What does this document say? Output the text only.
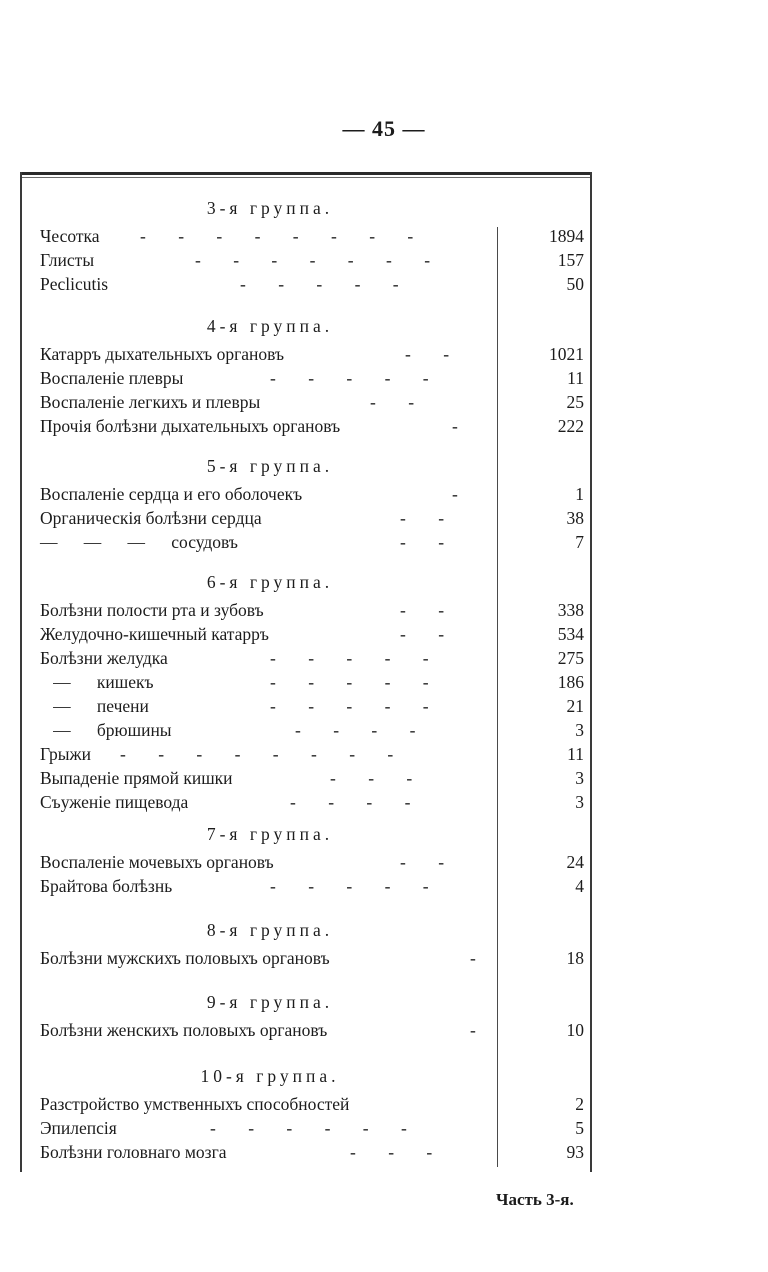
— 45 —
3-я группа.
Чесотка - - - - - - - -	1894
Глисты	- - - - - - -	157
Peclicutis	- - - - -	50
4-я группа.
Катарръ дыхательныхъ органовъ	- -	1021
Воспаленіе плевры	- - - - -	11
Воспаленіе легкихъ и плевры	- -	25
Прочія болѣзни дыхательныхъ органовъ	-	222
5-я группа.
Воспаленіе сердца и его оболочекъ	-	1
Органическія болѣзни сердца	- -	38
—      —      —      сосудовъ	- -	7
6-я группа.
Болѣзни полости рта и зубовъ	- -	338
Желудочно-кишечный катарръ	- -	534
Болѣзни желудка	- - - - -	275
—      кишекъ	- - - - -	186
—      печени	- - - - -	21
—      брюшины	- - - -	3
Грыжи - - - - - - - -	11
Выпаденіе прямой кишки	- - -	3
Съуженіе пищевода	- - - -	3
7-я группа.
Воспаленіе мочевыхъ органовъ	- -	24
Брайтова болѣзнь	- - - - -	4
8-я группа.
Болѣзни мужскихъ половыхъ органовъ	-	18
9-я группа.
Болѣзни женскихъ половыхъ органовъ	-	10
10-я группа.
Разстройство умственныхъ способностей	2
Эпилепсія	- - - - - -	5
Болѣзни головнаго мозга	- - -	93
Часть 3-я.
